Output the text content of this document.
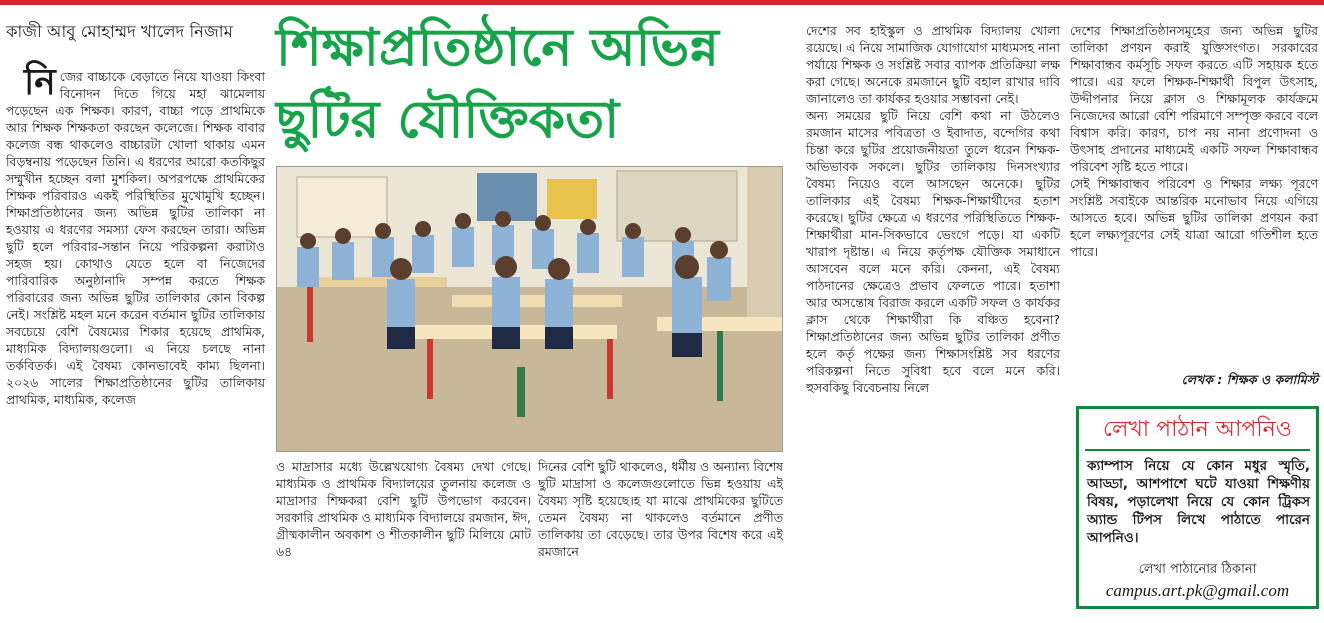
কাজী আবু মোহাম্মদ খালেদ নিজাম

নিজের বাচ্চাকে বেড়াতে নিয়ে যাওয়া কিংবা বিনোদন দিতে গিয়ে মহা ঝামেলায় পড়েছেন এক শিক্ষক। কারণ, বাচ্চা পড়ে প্রাথমিকে আর শিক্ষক শিক্ষকতা করছেন কলেজে। শিক্ষক বাবার কলেজ বন্ধ থাকলেও বাচ্চারটা খোলা থাকায় এমন বিড়ম্বনায় পড়েছেন তিনি। এ ধরণের আরো কতকিছুর সম্মুখীন হচ্ছেন বলা মুশকিল। অপরপক্ষে প্রাথমিকের শিক্ষক পরিবারও একই পরিস্থিতির মুখোমুখি হচ্ছেন। শিক্ষাপ্রতিষ্ঠানের জন্য অভিন্ন ছুটির তালিকা না হওয়ায় এ ধরণের সমস্যা ফেস করছেন তারা। অভিন্ন ছুটি হলে পরিবার-সন্তান নিয়ে পরিকল্পনা করাটাও সহজ হয়। কোথাও যেতে হলে বা নিজেদের পারিবারিক অনুষ্ঠানাদি সম্পন্ন করতে শিক্ষক পরিবারের জন্য অভিন্ন ছুটির তালিকার কোন বিকল্প নেই। সংশ্লিষ্ট মহল মনে করেন বর্তমান ছুটির তালিকায় সবচেয়ে বেশি বৈষম্যের শিকার হয়েছে প্রাথমিক, মাধ্যমিক বিদ্যালয়গুলো। এ নিয়ে চলছে নানা তর্কবিতর্ক। এই বৈষম্য কোনভাবেই কাম্য ছিলনা। ২০২৬ সালের শিক্ষাপ্রতিষ্ঠানের ছুটির তালিকায় প্রাথমিক, মাধ্যমিক, কলেজ

শিক্ষাপ্রতিষ্ঠানে অভিন্ন
ছুটির যৌক্তিকতা

ও মাদ্রাসার মধ্যে উল্লেখযোগ্য বৈষম্য দেখা গেছে। মাধ্যমিক ও প্রাথমিক বিদ্যালয়ের তুলনায় কলেজ ও মাদ্রাসার শিক্ষকরা বেশি ছুটি উপভোগ করবেন। সরকারি প্রাথমিক ও মাধ্যমিক বিদ্যালয়ে রমজান, ঈদ, গ্রীষ্মকালীন অবকাশ ও শীতকালীন ছুটি মিলিয়ে মোট ৬৪

দিনের বেশি ছুটি থাকলেও, ধর্মীয় ও অন্যান্য বিশেষ ছুটি মাদ্রাসা ও কলেজগুলোতে ভিন্ন হওয়ায় এই বৈষম্য সৃষ্টি হয়েছে।হ যা মাঝে প্রাথমিকের ছুটিতে তেমন বৈষম্য না থাকলেও বর্তমানে প্রণীত তালিকায় তা বেড়েছে। তার উপর বিশেষ করে এই রমজানে

দেশের সব হাইস্কুল ও প্রাথমিক বিদ্যালয় খোলা রয়েছে। এ নিয়ে সামাজিক যোগাযোগ মাধ্যমসহ নানা পর্যায়ে শিক্ষক ও সংশ্লিষ্ট সবার ব্যাপক প্রতিক্রিয়া লক্ষ করা গেছে। অনেকে রমজানে ছুটি বহাল রাখার দাবি জানালেও তা কার্যকর হওয়ার সম্ভাবনা নেই।

অন্য সময়ের ছুটি নিয়ে বেশি কথা না উঠলেও রমজান মাসের পবিত্রতা ও ইবাদাত, বন্দেগির কথা চিন্তা করে ছুটির প্রয়োজনীয়তা তুলে ধরেন শিক্ষক-অভিভাবক সকলে। ছুটির তালিকায় দিনসংখ্যার বৈষম্য নিয়েও বলে আসছেন অনেকে। ছুটির তালিকার এই বৈষম্য শিক্ষক-শিক্ষার্থীদের হতাশ করেছে। ছুটির ক্ষেত্রে এ ধরণের পরিস্থিতিতে শিক্ষক-শিক্ষার্থীরা মান-সিকভাবে ভেংগে পড়ে। যা একটি খারাপ দৃষ্টান্ত। এ নিয়ে কর্তৃপক্ষ যৌক্তিক সমাধানে আসবেন বলে মনে করি। কেননা, এই বৈষম্য পাঠদানের ক্ষেত্রেও প্রভাব ফেলতে পারে। হতাশা আর অসন্তোষ বিরাজ করলে একটি সফল ও কার্যকর ক্লাস থেকে শিক্ষার্থীরা কি বঞ্চিত হবেনা?শিক্ষাপ্রতিষ্ঠানের জন্য অভিন্ন ছুটির তালিকা প্রণীত হলে কর্তৃ পক্ষের জন্য শিক্ষাসংশ্লিষ্ট সব ধরণের পরিকল্পনা নিতে সুবিধা হবে বলে মনে করি। হুসবকিছু বিবেচনায় নিলে

দেশের শিক্ষাপ্রতিষ্ঠানসমূহের জন্য অভিন্ন ছুটির তালিকা প্রণয়ন করাই যুক্তিসংগত। সরকারের শিক্ষাবান্ধব কর্মসূচি সফল করতে এটি সহায়ক হতে পারে। এর ফলে শিক্ষক-শিক্ষার্থী বিপুল উৎসাহ, উদ্দীপনার নিয়ে ক্লাস ও শিক্ষামূলক কার্যক্রমে নিজেদের আরো বেশি পরিমাণে সম্পৃক্ত করবে বলে বিশ্বাস করি। কারণ, চাপ নয় নানা প্রণোদনা ও উৎসাহ প্রদানের মাধ্যমেই একটি সফল শিক্ষাবান্ধব পরিবেশ সৃষ্টি হতে পারে।

সেই শিক্ষাবান্ধব পরিবেশ ও শিক্ষার লক্ষ্য পূরণে সংশ্লিষ্ট সবাইকে আন্তরিক মনোভাব নিয়ে এগিয়ে আসতে হবে। অভিন্ন ছুটির তালিকা প্রণয়ন করা হলে লক্ষ্যপূরণের সেই যাত্রা আরো গতিশীল হতে পারে।

লেখক : শিক্ষক ও কলামিস্ট
লেখা পাঠান আপনিও
ক্যাম্পাস নিয়ে যে কোন মধুর স্মৃতি, আড্ডা, আশপাশে ঘটে যাওয়া শিক্ষণীয় বিষয়, পড়ালেখা নিয়ে যে কোন ট্রিকস অ্যান্ড টিপস লিখে পাঠাতে পারেন আপনিও।
লেখা পাঠানোর ঠিকানা
campus.art.pk@gmail.com
